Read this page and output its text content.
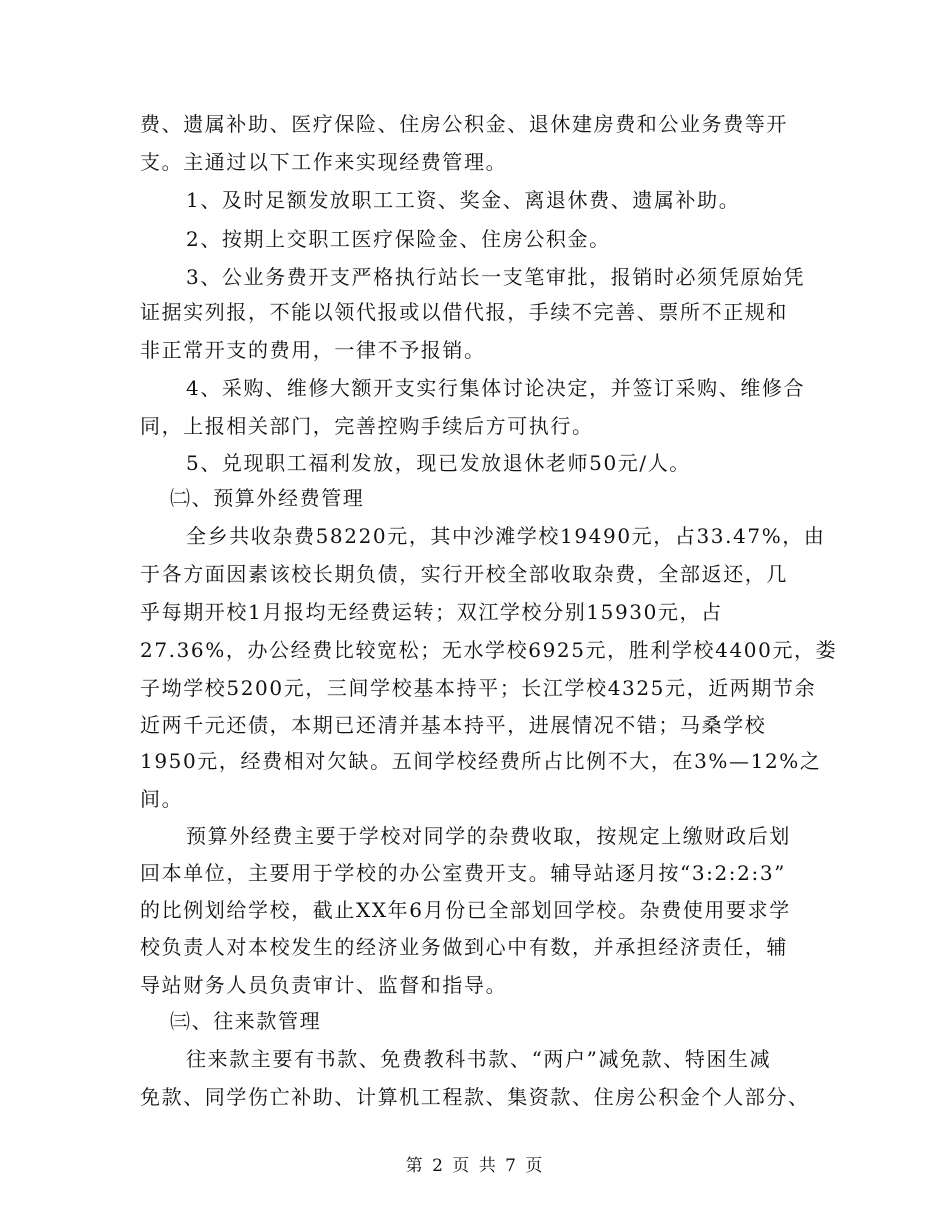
费、遗属补助、医疗保险、住房公积金、退休建房费和公业务费等开
支。主通过以下工作来实现经费管理。
1、及时足额发放职工工资、奖金、离退休费、遗属补助。
2、按期上交职工医疗保险金、住房公积金。
3、公业务费开支严格执行站长一支笔审批，报销时必须凭原始凭
证据实列报，不能以领代报或以借代报，手续不完善、票所不正规和
非正常开支的费用，一律不予报销。
4、采购、维修大额开支实行集体讨论决定，并签订采购、维修合
同，上报相关部门，完善控购手续后方可执行。
5、兑现职工福利发放，现已发放退休老师50元/人。
㈡、预算外经费管理
全乡共收杂费58220元，其中沙滩学校19490元，占33.47%，由
于各方面因素该校长期负债，实行开校全部收取杂费，全部返还，几
乎每期开校1月报均无经费运转；双江学校分别15930元，占
27.36%，办公经费比较宽松；无水学校6925元，胜利学校4400元，娄
子坳学校5200元，三间学校基本持平；长江学校4325元，近两期节余
近两千元还债，本期已还清并基本持平，进展情况不错；马桑学校
1950元，经费相对欠缺。五间学校经费所占比例不大，在3%—12%之
间。
预算外经费主要于学校对同学的杂费收取，按规定上缴财政后划
回本单位，主要用于学校的办公室费开支。辅导站逐月按“3:2:2:3”
的比例划给学校，截止XX年6月份已全部划回学校。杂费使用要求学
校负责人对本校发生的经济业务做到心中有数，并承担经济责任，辅
导站财务人员负责审计、监督和指导。
㈢、往来款管理
往来款主要有书款、免费教科书款、“两户”减免款、特困生减
免款、同学伤亡补助、计算机工程款、集资款、住房公积金个人部分、
第 2 页 共 7 页
